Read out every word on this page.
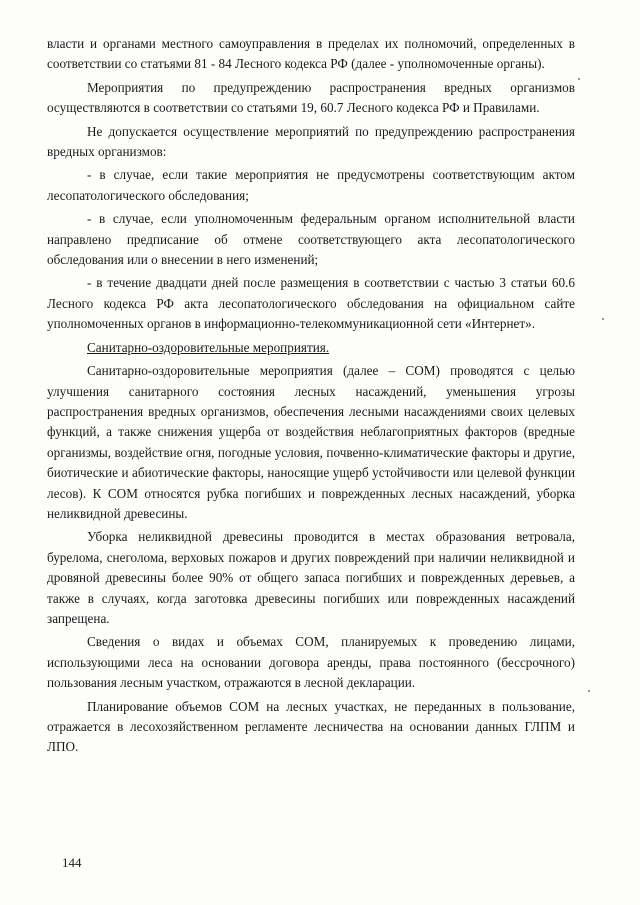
власти и органами местного самоуправления в пределах их полномочий, определенных в соответствии со статьями 81 - 84 Лесного кодекса РФ (далее - уполномоченные органы).

Мероприятия по предупреждению распространения вредных организмов осуществляются в соответствии со статьями 19, 60.7 Лесного кодекса РФ и Правилами.

Не допускается осуществление мероприятий по предупреждению распространения вредных организмов:

- в случае, если такие мероприятия не предусмотрены соответствующим актом лесопатологического обследования;

- в случае, если уполномоченным федеральным органом исполнительной власти направлено предписание об отмене соответствующего акта лесопатологического обследования или о внесении в него изменений;

- в течение двадцати дней после размещения в соответствии с частью 3 статьи 60.6 Лесного кодекса РФ акта лесопатологического обследования на официальном сайте уполномоченных органов в информационно-телекоммуникационной сети «Интернет».

Санитарно-оздоровительные мероприятия.

Санитарно-оздоровительные мероприятия (далее – СОМ) проводятся с целью улучшения санитарного состояния лесных насаждений, уменьшения угрозы распространения вредных организмов, обеспечения лесными насаждениями своих целевых функций, а также снижения ущерба от воздействия неблагоприятных факторов (вредные организмы, воздействие огня, погодные условия, почвенно-климатические факторы и другие, биотические и абиотические факторы, наносящие ущерб устойчивости или целевой функции лесов). К СОМ относятся рубка погибших и поврежденных лесных насаждений, уборка неликвидной древесины.

Уборка неликвидной древесины проводится в местах образования ветровала, бурелома, снеголома, верховых пожаров и других повреждений при наличии неликвидной и дровяной древесины более 90% от общего запаса погибших и поврежденных деревьев, а также в случаях, когда заготовка древесины погибших или поврежденных насаждений запрещена.

Сведения о видах и объемах СОМ, планируемых к проведению лицами, использующими леса на основании договора аренды, права постоянного (бессрочного) пользования лесным участком, отражаются в лесной декларации.

Планирование объемов СОМ на лесных участках, не переданных в пользование, отражается в лесохозяйственном регламенте лесничества на основании данных ГЛПМ и ЛПО.

144
